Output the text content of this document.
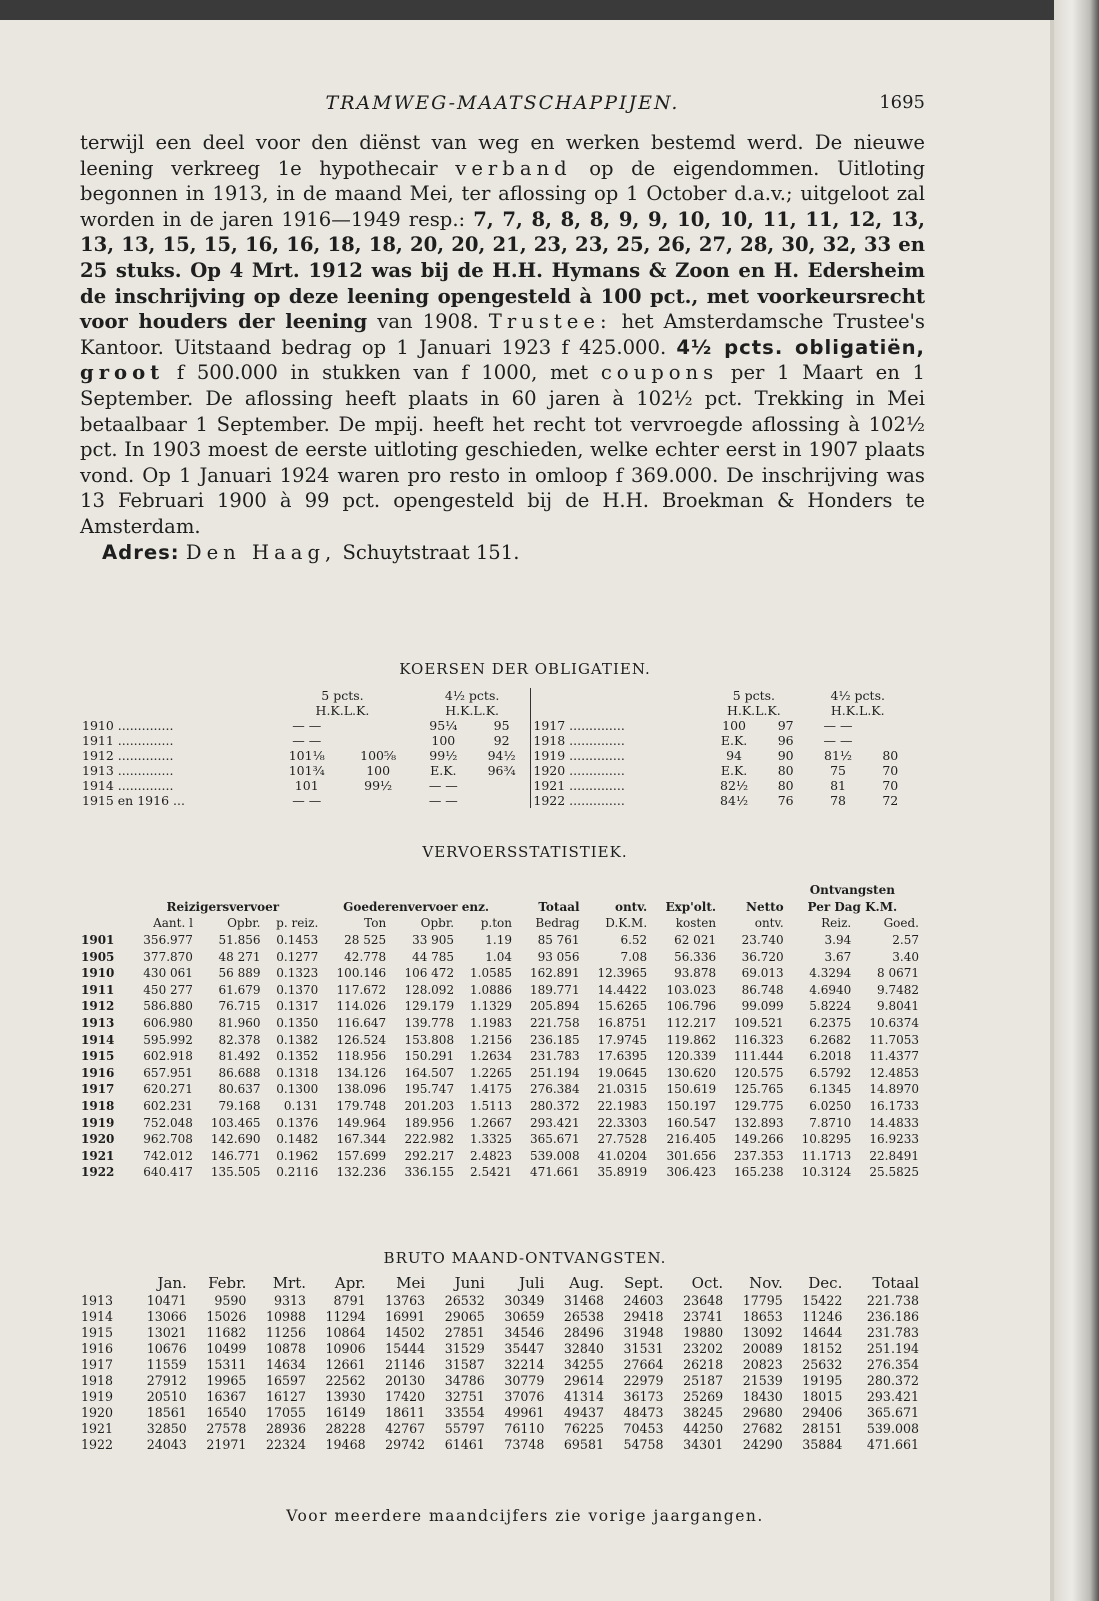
TRAMWEG-MAATSCHAPPIJEN.	1695

terwijl een deel voor den diënst van weg en werken bestemd werd. De nieuwe leening verkreeg 1e hypothecair verband op de eigendommen. Uitloting begonnen in 1913, in de maand Mei, ter aflossing op 1 October d.a.v.; uitgeloot zal worden in de jaren 1916—1949 resp.: 7, 7, 8, 8, 8, 9, 9, 10, 10, 11, 11, 12, 13, 13, 13, 15, 15, 16, 16, 18, 18, 20, 20, 21, 23, 23, 25, 26, 27, 28, 30, 32, 33 en 25 stuks. Op 4 Mrt. 1912 was bij de H.H. Hymans & Zoon en H. Edersheim de inschrijving op deze leening opengesteld à 100 pct., met voorkeursrecht voor houders der leening van 1908. Trustee: het Amsterdamsche Trustee's Kantoor. Uitstaand bedrag op 1 Januari 1923 f 425.000. 4½ pcts. obligatiën, groot f 500.000 in stukken van f 1000, met coupons per 1 Maart en 1 September. De aflossing heeft plaats in 60 jaren à 102½ pct. Trekking in Mei betaalbaar 1 September. De mpij. heeft het recht tot vervroegde aflossing à 102½ pct. In 1903 moest de eerste uitloting geschieden, welke echter eerst in 1907 plaats vond. Op 1 Januari 1924 waren pro resto in omloop f 369.000. De inschrijving was 13 Februari 1900 à 99 pct. opengesteld bij de H.H. Broekman & Honders te Amsterdam.

Adres: Den Haag, Schuytstraat 151.

KOERSEN DER OBLIGATIEN.
	5 pcts.		4½ pcts.			5 pcts.		4½ pcts.	
	H.K.L.K.		H.K.L.K.			H.K.L.K.		H.K.L.K.	
1910 ..............	— —		95¼	95	1917 ..............	100	97	— —	
1911 ..............	— —		100	92	1918 ..............	E.K.	96	— —	
1912 ..............	101⅛	100⅝	99½	94½	1919 ..............	94	90	81½	80
1913 ..............	101¾	100	E.K.	96¾	1920 ..............	E.K.	80	75	70
1914 ..............	101	99½	— —		1921 ..............	82½	80	81	70
1915 en 1916 ...	— —		— —		1922 ..............	84½	76	78	72
VERVOERSSTATISTIEK.
											Ontvangsten	
	Reizigersvervoer			Goederenvervoer enz.			Totaal	ontv.	Exp'olt.	Netto	Per Dag K.M.	
	Aant. l	Opbr.	p. reiz.	Ton	Opbr.	p.ton	Bedrag	D.K.M.	kosten	ontv.	Reiz.	Goed.
1901	356.977	51.856	0.1453	28 525	33 905	1.19	85 761	6.52	62 021	23.740	3.94	2.57
1905	377.870	48 271	0.1277	42.778	44 785	1.04	93 056	7.08	56.336	36.720	3.67	3.40
1910	430 061	56 889	0.1323	100.146	106 472	1.0585	162.891	12.3965	93.878	69.013	4.3294	8 0671
1911	450 277	61.679	0.1370	117.672	128.092	1.0886	189.771	14.4422	103.023	86.748	4.6940	9.7482
1912	586.880	76.715	0.1317	114.026	129.179	1.1329	205.894	15.6265	106.796	99.099	5.8224	9.8041
1913	606.980	81.960	0.1350	116.647	139.778	1.1983	221.758	16.8751	112.217	109.521	6.2375	10.6374
1914	595.992	82.378	0.1382	126.524	153.808	1.2156	236.185	17.9745	119.862	116.323	6.2682	11.7053
1915	602.918	81.492	0.1352	118.956	150.291	1.2634	231.783	17.6395	120.339	111.444	6.2018	11.4377
1916	657.951	86.688	0.1318	134.126	164.507	1.2265	251.194	19.0645	130.620	120.575	6.5792	12.4853
1917	620.271	80.637	0.1300	138.096	195.747	1.4175	276.384	21.0315	150.619	125.765	6.1345	14.8970
1918	602.231	79.168	0.131	179.748	201.203	1.5113	280.372	22.1983	150.197	129.775	6.0250	16.1733
1919	752.048	103.465	0.1376	149.964	189.956	1.2667	293.421	22.3303	160.547	132.893	7.8710	14.4833
1920	962.708	142.690	0.1482	167.344	222.982	1.3325	365.671	27.7528	216.405	149.266	10.8295	16.9233
1921	742.012	146.771	0.1962	157.699	292.217	2.4823	539.008	41.0204	301.656	237.353	11.1713	22.8491
1922	640.417	135.505	0.2116	132.236	336.155	2.5421	471.661	35.8919	306.423	165.238	10.3124	25.5825
BRUTO MAAND-ONTVANGSTEN.
	Jan.	Febr.	Mrt.	Apr.	Mei	Juni	Juli	Aug.	Sept.	Oct.	Nov.	Dec.	Totaal
1913	10471	9590	9313	8791	13763	26532	30349	31468	24603	23648	17795	15422	221.738
1914	13066	15026	10988	11294	16991	29065	30659	26538	29418	23741	18653	11246	236.186
1915	13021	11682	11256	10864	14502	27851	34546	28496	31948	19880	13092	14644	231.783
1916	10676	10499	10878	10906	15444	31529	35447	32840	31531	23202	20089	18152	251.194
1917	11559	15311	14634	12661	21146	31587	32214	34255	27664	26218	20823	25632	276.354
1918	27912	19965	16597	22562	20130	34786	30779	29614	22979	25187	21539	19195	280.372
1919	20510	16367	16127	13930	17420	32751	37076	41314	36173	25269	18430	18015	293.421
1920	18561	16540	17055	16149	18611	33554	49961	49437	48473	38245	29680	29406	365.671
1921	32850	27578	28936	28228	42767	55797	76110	76225	70453	44250	27682	28151	539.008
1922	24043	21971	22324	19468	29742	61461	73748	69581	54758	34301	24290	35884	471.661
Voor meerdere maandcijfers zie vorige jaargangen.
